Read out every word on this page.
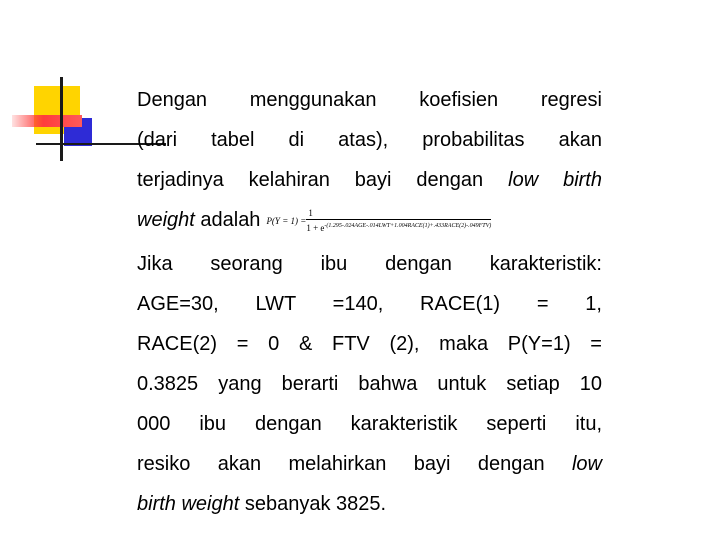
Dengan menggunakan koefisien regresi
(dari tabel di atas), probabilitas akan
terjadinya kelahiran bayi dengan low birth
weight adalah P(Y = 1) =
1
$1 + e^{-(1.295-.024AGE-.014LWT+1.004RACE(1)+.433RACE(2)-.049FTV)}$

Jika seorang ibu dengan karakteristik:
AGE=30, LWT =140, RACE(1) = 1,
RACE(2) = 0 & FTV (2), maka P(Y=1) =
0.3825 yang berarti bahwa untuk setiap 10
000 ibu dengan karakteristik seperti itu,
resiko akan melahirkan bayi dengan low
birth weight sebanyak 3825.
